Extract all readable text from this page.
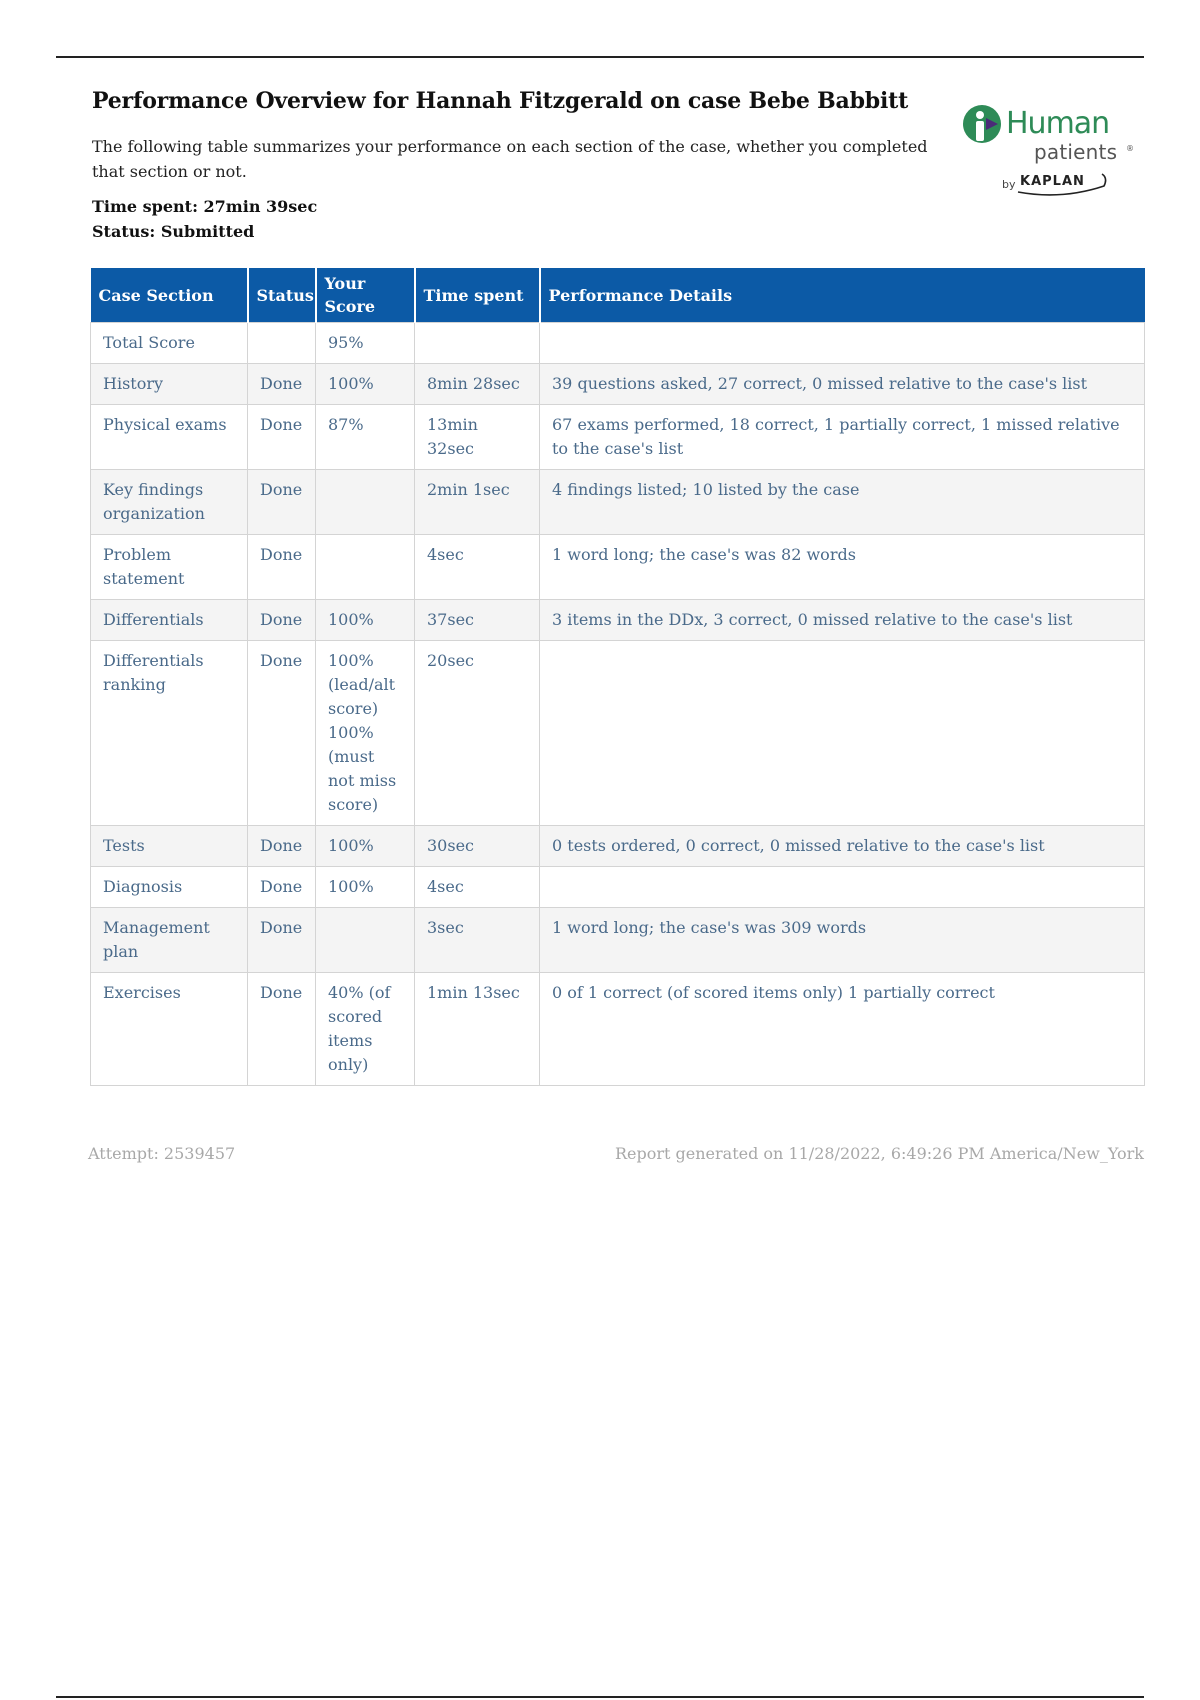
Performance Overview for Hannah Fitzgerald on case Bebe Babbitt

The following table summarizes your performance on each section of the case, whether you completed that section or not.

Time spent: 27min 39sec
Status: Submitted
Human
patients ®
by KAPLAN
Case Section	Status	Your Score	Time spent	Performance Details
Total Score		95%		
History	Done	100%	8min 28sec	39 questions asked, 27 correct, 0 missed relative to the case's list
Physical exams	Done	87%	13min 32sec	67 exams performed, 18 correct, 1 partially correct, 1 missed relative to the case's list
Key findings organization	Done		2min 1sec	4 findings listed; 10 listed by the case
Problem statement	Done		4sec	1 word long; the case's was 82 words
Differentials	Done	100%	37sec	3 items in the DDx, 3 correct, 0 missed relative to the case's list
Differentials ranking	Done	100% (lead/alt score) 100% (must not miss score)	20sec	
Tests	Done	100%	30sec	0 tests ordered, 0 correct, 0 missed relative to the case's list
Diagnosis	Done	100%	4sec	
Management plan	Done		3sec	1 word long; the case's was 309 words
Exercises	Done	40% (of scored items only)	1min 13sec	0 of 1 correct (of scored items only) 1 partially correct
Attempt: 2539457	Report generated on 11/28/2022, 6:49:26 PM America/New_York
